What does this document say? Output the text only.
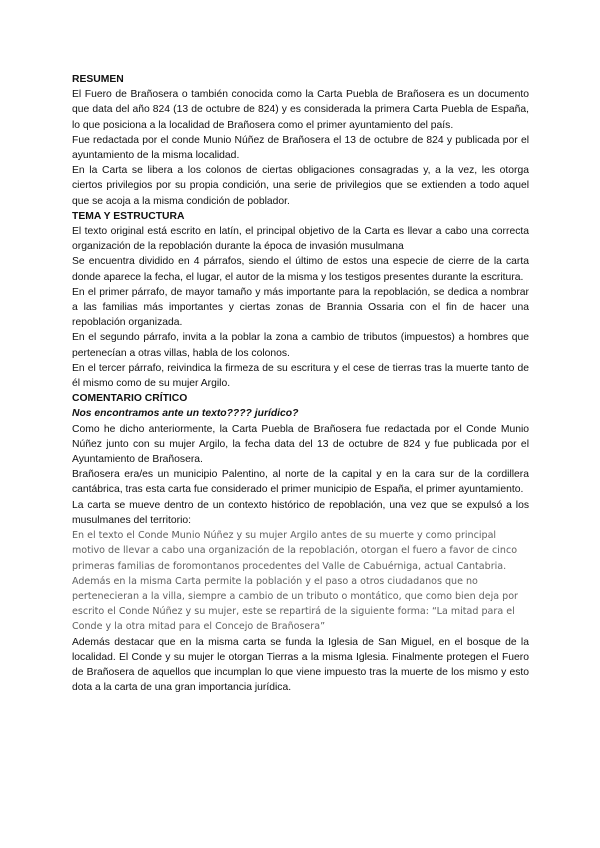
RESUMEN

El Fuero de Brañosera o también conocida como la Carta Puebla de Brañosera es un documento que data del año 824 (13 de octubre de 824) y es considerada la primera Carta Puebla de España, lo que posiciona a la localidad de Brañosera como el primer ayuntamiento del país.

Fue redactada por el conde Munio Núñez de Brañosera el 13 de octubre de 824 y publicada por el ayuntamiento de la misma localidad.

En la Carta se libera a los colonos de ciertas obligaciones consagradas y, a la vez, les otorga ciertos privilegios por su propia condición, una serie de privilegios que se extienden a todo aquel que se acoja a la misma condición de poblador.

TEMA Y ESTRUCTURA

El texto original está escrito en latín, el principal objetivo de la Carta es llevar a cabo una correcta organización de la repoblación durante la época de invasión musulmana

Se encuentra dividido en 4 párrafos, siendo el último de estos una especie de cierre de la carta donde aparece la fecha, el lugar, el autor de la misma y los testigos presentes durante la escritura.

En el primer párrafo, de mayor tamaño y más importante para la repoblación, se dedica a nombrar a las familias más importantes y ciertas zonas de Brannia Ossaria con el fin de hacer una repoblación organizada.

En el segundo párrafo, invita a la poblar la zona a cambio de tributos (impuestos) a hombres que pertenecían a otras villas, habla de los colonos.

En el tercer párrafo, reivindica la firmeza de su escritura y el cese de tierras tras la muerte tanto de él mismo como de su mujer Argilo.

COMENTARIO CRÍTICO

Nos encontramos ante un texto???? jurídico?

Como he dicho anteriormente, la Carta Puebla de Brañosera fue redactada por el Conde Munio Núñez junto con su mujer Argilo, la fecha data del 13 de octubre de 824 y fue publicada por el Ayuntamiento de Brañosera.

Brañosera era/es un municipio Palentino, al norte de la capital y en la cara sur de la cordillera cantábrica, tras esta carta fue considerado el primer municipio de España, el primer ayuntamiento.

La carta se mueve dentro de un contexto histórico de repoblación, una vez que se expulsó a los musulmanes del territorio:

En el texto el Conde Munio Núñez y su mujer Argilo antes de su muerte y como principal motivo de llevar a cabo una organización de la repoblación, otorgan el fuero a favor de cinco primeras familias de foromontanos procedentes del Valle de Cabuérniga, actual Cantabria. Además en la misma Carta permite la población y el paso a otros ciudadanos que no pertenecieran a la villa, siempre a cambio de un tributo o montático, que como bien deja por escrito el Conde Núñez y su mujer, este se repartirá de la siguiente forma: “La mitad para el Conde y la otra mitad para el Concejo de Brañosera”

Además destacar que en la misma carta se funda la Iglesia de San Miguel, en el bosque de la localidad. El Conde y su mujer le otorgan Tierras a la misma Iglesia. Finalmente protegen el Fuero de Brañosera de aquellos que incumplan lo que viene impuesto tras la muerte de los mismo y esto dota a la carta de una gran importancia jurídica.
